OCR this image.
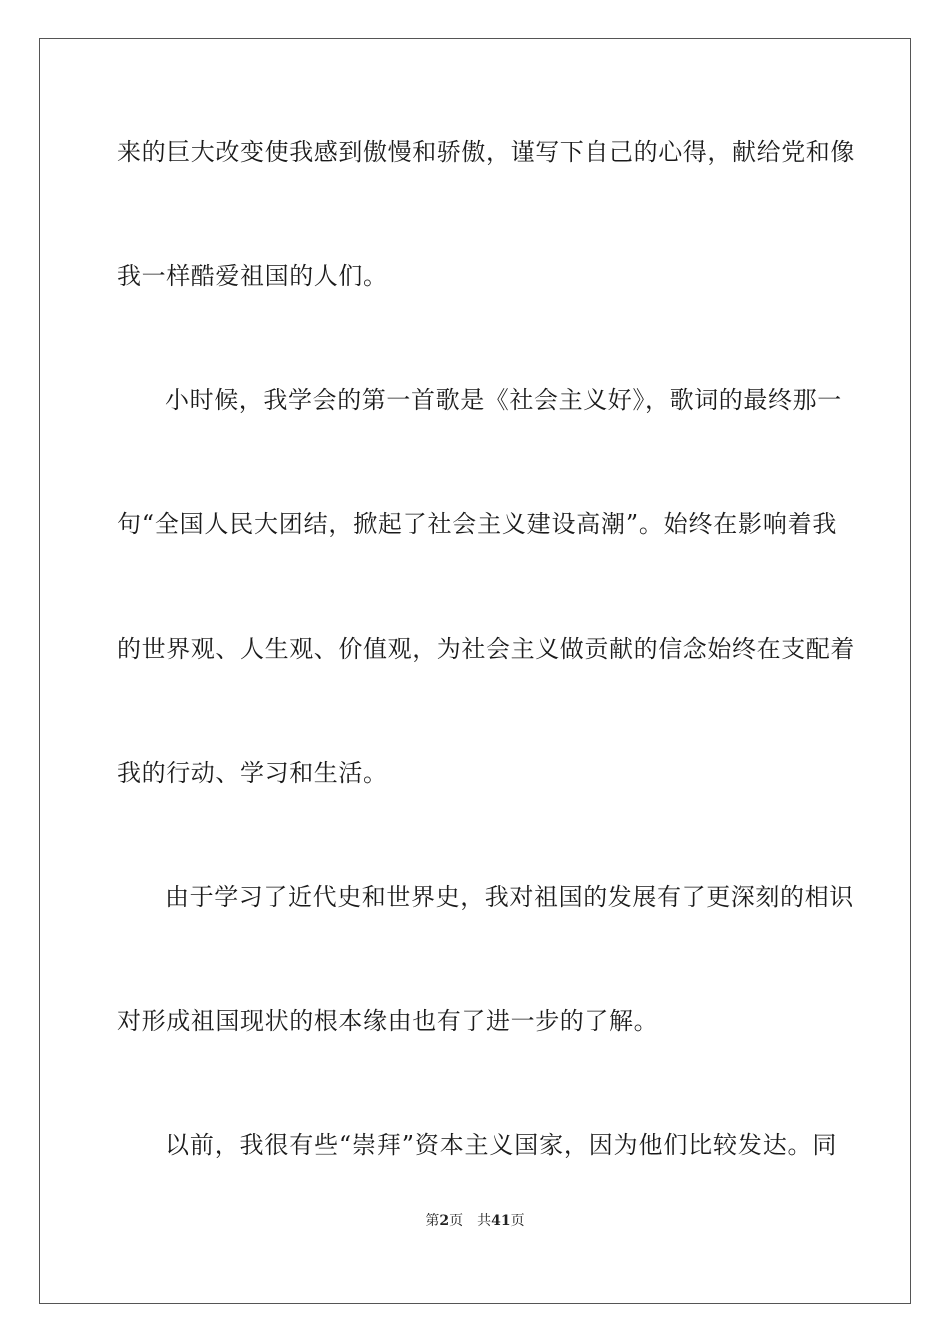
来的巨大改变使我感到傲慢和骄傲，谨写下自己的心得，献给党和像
我一样酷爱祖国的人们。
小时候，我学会的第一首歌是《社会主义好》，歌词的最终那一
句“全国人民大团结，掀起了社会主义建设高潮”。始终在影响着我
的世界观、人生观、价值观，为社会主义做贡献的信念始终在支配着
我的行动、学习和生活。
由于学习了近代史和世界史，我对祖国的发展有了更深刻的相识
对形成祖国现状的根本缘由也有了进一步的了解。
以前，我很有些“崇拜”资本主义国家，因为他们比较发达。同
第2页 共41页
